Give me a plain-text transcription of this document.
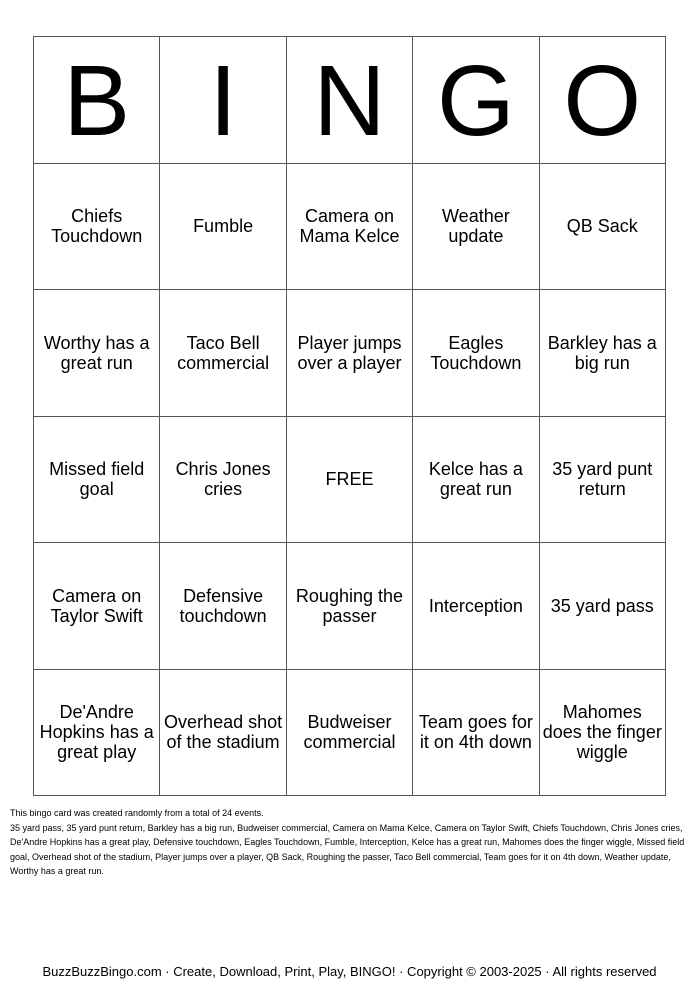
B	I	N	G	O
Chiefs Touchdown	Fumble	Camera on Mama Kelce	Weather update	QB Sack
Worthy has a great run	Taco Bell commercial	Player jumps over a player	Eagles Touchdown	Barkley has a big run
Missed field goal	Chris Jones cries	FREE	Kelce has a great run	35 yard punt return
Camera on Taylor Swift	Defensive touchdown	Roughing the passer	Interception	35 yard pass
De'Andre Hopkins has a great play	Overhead shot of the stadium	Budweiser commercial	Team goes for it on 4th down	Mahomes does the finger wiggle
This bingo card was created randomly from a total of 24 events.
35 yard pass, 35 yard punt return, Barkley has a big run, Budweiser commercial, Camera on Mama Kelce, Camera on Taylor Swift, Chiefs Touchdown, Chris Jones cries, De'Andre Hopkins has a great play, Defensive touchdown, Eagles Touchdown, Fumble, Interception, Kelce has a great run, Mahomes does the finger wiggle, Missed field goal, Overhead shot of the stadium, Player jumps over a player, QB Sack, Roughing the passer, Taco Bell commercial, Team goes for it on 4th down, Weather update, Worthy has a great run.
BuzzBuzzBingo.com · Create, Download, Print, Play, BINGO! · Copyright © 2003-2025 · All rights reserved
